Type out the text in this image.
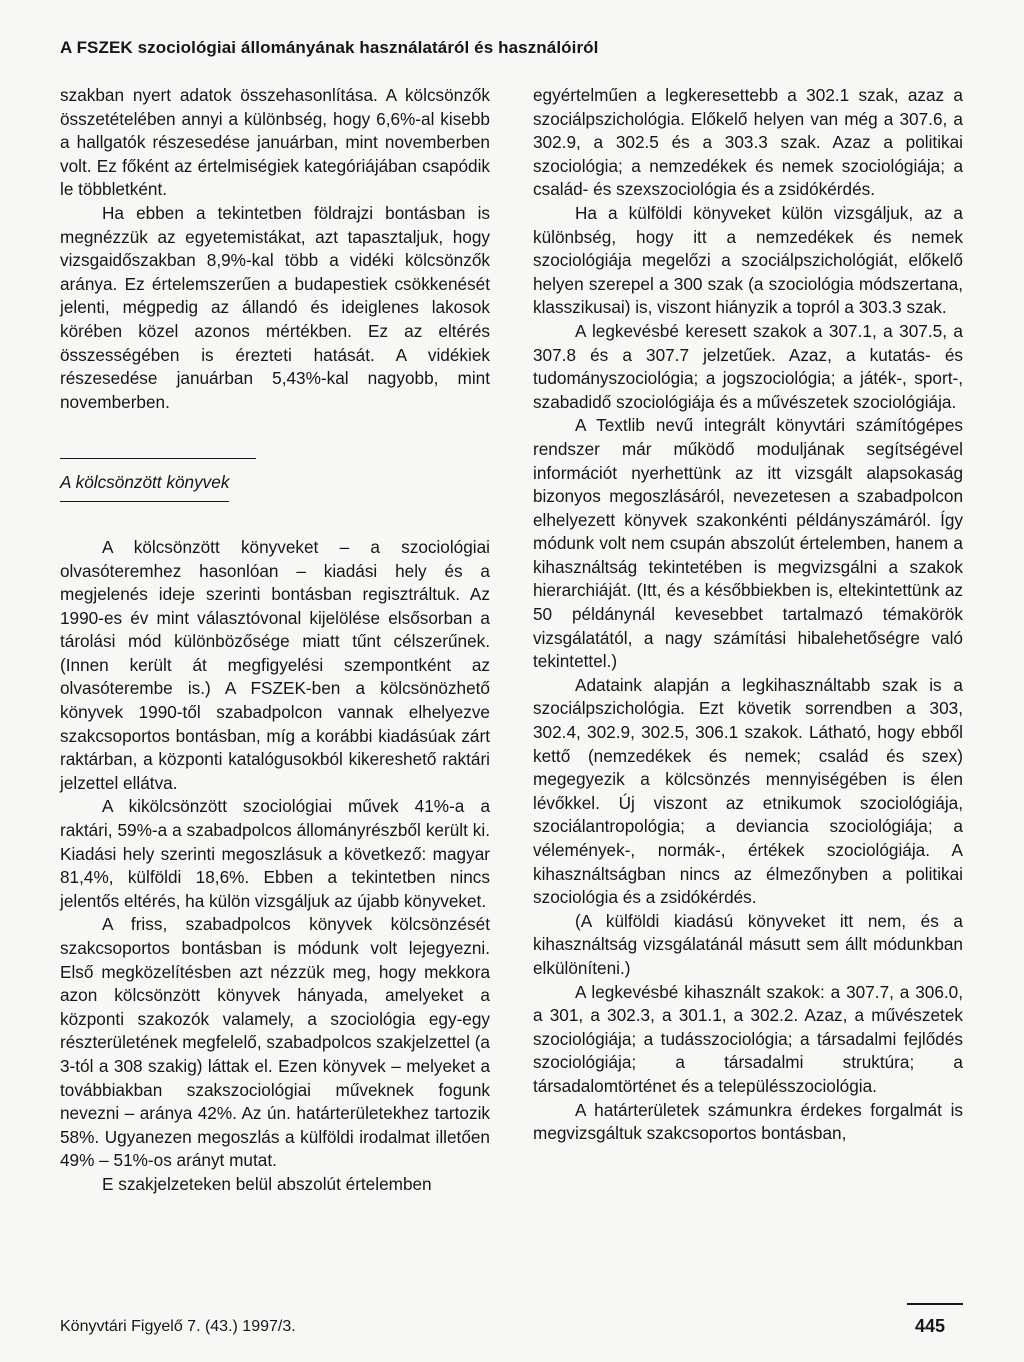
A FSZEK szociológiai állományának használatáról és használóiról

szakban nyert adatok összehasonlítása. A kölcsönzők összetételében annyi a különbség, hogy 6,6%-al kisebb a hallgatók részesedése januárban, mint novemberben volt. Ez főként az értelmiségiek kategóriájában csapódik le többletként.

Ha ebben a tekintetben földrajzi bontásban is megnézzük az egyetemistákat, azt tapasztaljuk, hogy vizsgaidőszakban 8,9%-kal több a vidéki kölcsönzők aránya. Ez értelemszerűen a budapestiek csökkenését jelenti, mégpedig az állandó és ideiglenes lakosok körében közel azonos mértékben. Ez az eltérés összességében is érezteti hatását. A vidékiek részesedése januárban 5,43%-kal nagyobb, mint novemberben.

A kölcsönzött könyvek

A kölcsönzött könyveket – a szociológiai olvasóteremhez hasonlóan – kiadási hely és a megjelenés ideje szerinti bontásban regisztráltuk. Az 1990-es év mint választóvonal kijelölése elsősorban a tárolási mód különbözősége miatt tűnt célszerűnek. (Innen került át megfigyelési szempontként az olvasóterembe is.) A FSZEK-ben a kölcsönözhető könyvek 1990-től szabadpolcon vannak elhelyezve szakcsoportos bontásban, míg a korábbi kiadásúak zárt raktárban, a központi katalógusokból kikereshető raktári jelzettel ellátva.

A kikölcsönzött szociológiai művek 41%-a a raktári, 59%-a a szabadpolcos állományrészből került ki. Kiadási hely szerinti megoszlásuk a következő: magyar 81,4%, külföldi 18,6%. Ebben a tekintetben nincs jelentős eltérés, ha külön vizsgáljuk az újabb könyveket.

A friss, szabadpolcos könyvek kölcsönzését szakcsoportos bontásban is módunk volt lejegyezni. Első megközelítésben azt nézzük meg, hogy mekkora azon kölcsönzött könyvek hányada, amelyeket a központi szakozók valamely, a szociológia egy-egy részterületének megfelelő, szabadpolcos szakjelzettel (a 3-tól a 308 szakig) láttak el. Ezen könyvek – melyeket a továbbiakban szakszociológiai műveknek fogunk nevezni – aránya 42%. Az ún. határterületekhez tartozik 58%. Ugyanezen megoszlás a külföldi irodalmat illetően 49% – 51%-os arányt mutat.

E szakjelzeteken belül abszolút értelemben

egyértelműen a legkeresettebb a 302.1 szak, azaz a szociálpszichológia. Előkelő helyen van még a 307.6, a 302.9, a 302.5 és a 303.3 szak. Azaz a politikai szociológia; a nemzedékek és nemek szociológiája; a család- és szexszociológia és a zsidókérdés.

Ha a külföldi könyveket külön vizsgáljuk, az a különbség, hogy itt a nemzedékek és nemek szociológiája megelőzi a szociálpszichológiát, előkelő helyen szerepel a 300 szak (a szociológia módszertana, klasszikusai) is, viszont hiányzik a topról a 303.3 szak.

A legkevésbé keresett szakok a 307.1, a 307.5, a 307.8 és a 307.7 jelzetűek. Azaz, a kutatás- és tudományszociológia; a jogszociológia; a játék-, sport-, szabadidő szociológiája és a művészetek szociológiája.

A Textlib nevű integrált könyvtári számítógépes rendszer már működő moduljának segítségével információt nyerhettünk az itt vizsgált alapsokaság bizonyos megoszlásáról, nevezetesen a szabadpolcon elhelyezett könyvek szakonkénti példányszámáról. Így módunk volt nem csupán abszolút értelemben, hanem a kihasználtság tekintetében is megvizsgálni a szakok hierarchiáját. (Itt, és a későbbiekben is, eltekintettünk az 50 példánynál kevesebbet tartalmazó témakörök vizsgálatától, a nagy számítási hibalehetőségre való tekintettel.)

Adataink alapján a legkihasználtabb szak is a szociálpszichológia. Ezt követik sorrendben a 303, 302.4, 302.9, 302.5, 306.1 szakok. Látható, hogy ebből kettő (nemzedékek és nemek; család és szex) megegyezik a kölcsönzés mennyiségében is élen lévőkkel. Új viszont az etnikumok szociológiája, szociálantropológia; a deviancia szociológiája; a vélemények-, normák-, értékek szociológiája. A kihasználtságban nincs az élmezőnyben a politikai szociológia és a zsidókérdés.

(A külföldi kiadású könyveket itt nem, és a kihasználtság vizsgálatánál másutt sem állt módunkban elkülöníteni.)

A legkevésbé kihasznált szakok: a 307.7, a 306.0, a 301, a 302.3, a 301.1, a 302.2. Azaz, a művészetek szociológiája; a tudásszociológia; a társadalmi fejlődés szociológiája; a társadalmi struktúra; a társadalomtörténet és a településszociológia.

A határterületek számunkra érdekes forgalmát is megvizsgáltuk szakcsoportos bontásban,

Könyvtári Figyelő 7. (43.) 1997/3.	445
